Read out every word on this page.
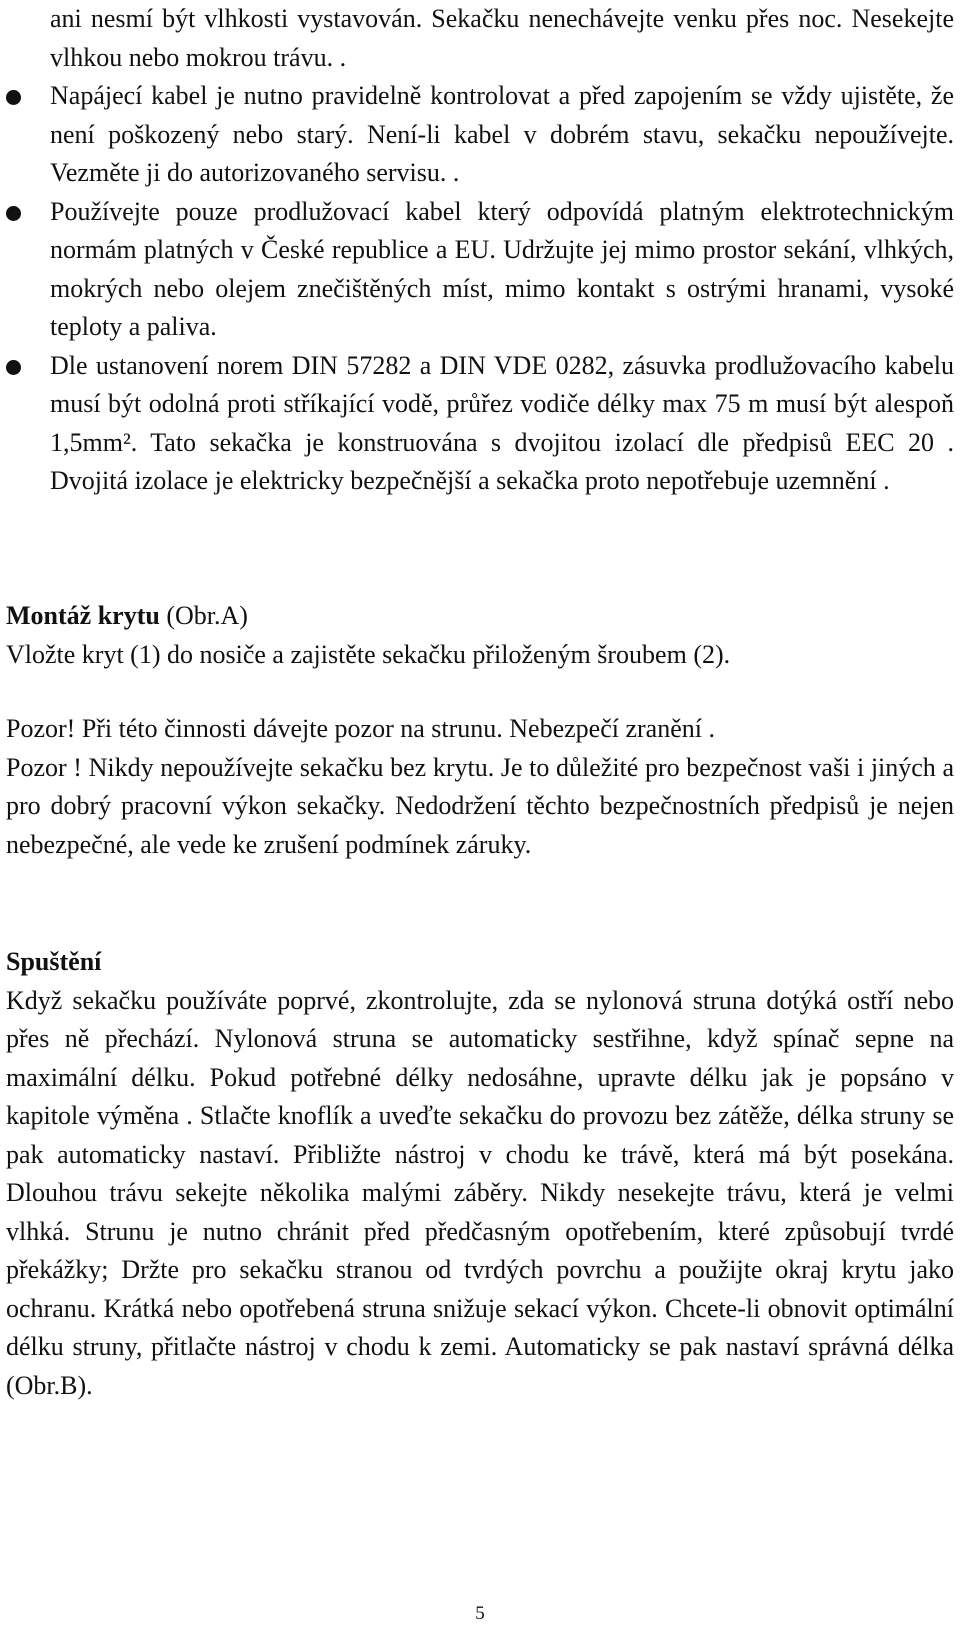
ani nesmí být vlhkosti vystavován. Sekačku nenechávejte venku přes noc. Nesekejte vlhkou nebo mokrou trávu. .
Napájecí kabel je nutno pravidelně kontrolovat a před zapojením se vždy ujistěte, že není poškozený nebo starý. Není-li kabel v dobrém stavu, sekačku nepoužívejte. Vezměte ji do autorizovaného servisu. .
Používejte pouze prodlužovací kabel který odpovídá platným elektrotechnickým normám platných v České republice a EU. Udržujte jej mimo prostor sekání, vlhkých, mokrých nebo olejem znečištěných míst, mimo kontakt s ostrými hranami, vysoké teploty a paliva.
Dle ustanovení norem DIN 57282 a DIN VDE 0282, zásuvka prodlužovacího kabelu musí být odolná proti stříkající vodě, průřez vodiče délky max 75 m musí být alespoň 1,5mm². Tato sekačka je konstruována s dvojitou izolací dle předpisů EEC 20 . Dvojitá izolace je elektricky bezpečnější a sekačka proto nepotřebuje uzemnění .
Montáž krytu (Obr.A)
Vložte kryt (1) do nosiče a zajistěte sekačku přiloženým šroubem (2).
Pozor! Při této činnosti dávejte pozor na strunu. Nebezpečí zranění .
Pozor ! Nikdy nepoužívejte sekačku bez krytu. Je to důležité pro bezpečnost vaši i jiných a pro dobrý pracovní výkon sekačky. Nedodržení těchto bezpečnostních předpisů je nejen nebezpečné, ale vede ke zrušení podmínek záruky.
Spuštění
Když sekačku používáte poprvé, zkontrolujte, zda se nylonová struna dotýká ostří nebo přes ně přechází. Nylonová struna se automaticky sestřihne, když spínač sepne na maximální délku. Pokud potřebné délky nedosáhne, upravte délku jak je popsáno v kapitole výměna . Stlačte knoflík a uveďte sekačku do provozu bez zátěže, délka struny se pak automaticky nastaví. Přibližte nástroj v chodu ke trávě, která má být posekána. Dlouhou trávu sekejte několika malými záběry. Nikdy nesekejte trávu, která je velmi vlhká. Strunu je nutno chránit před předčasným opotřebením, které způsobují tvrdé překážky; Držte pro sekačku stranou od tvrdých povrchu a použijte okraj krytu jako ochranu. Krátká nebo opotřebená struna snižuje sekací výkon. Chcete-li obnovit optimální délku struny, přitlačte nástroj v chodu k zemi. Automaticky se pak nastaví správná délka (Obr.B).
5
